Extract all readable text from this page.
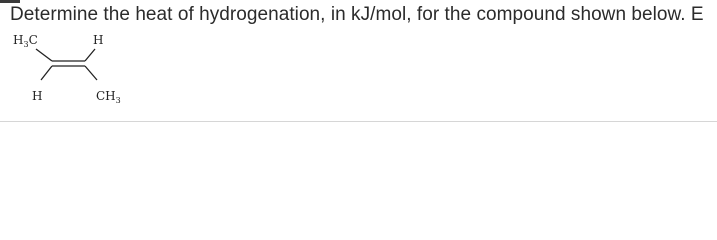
Determine the heat of hydrogenation, in kJ/mol, for the compound shown below. E
$H_3C$	H
H	$CH_3$
